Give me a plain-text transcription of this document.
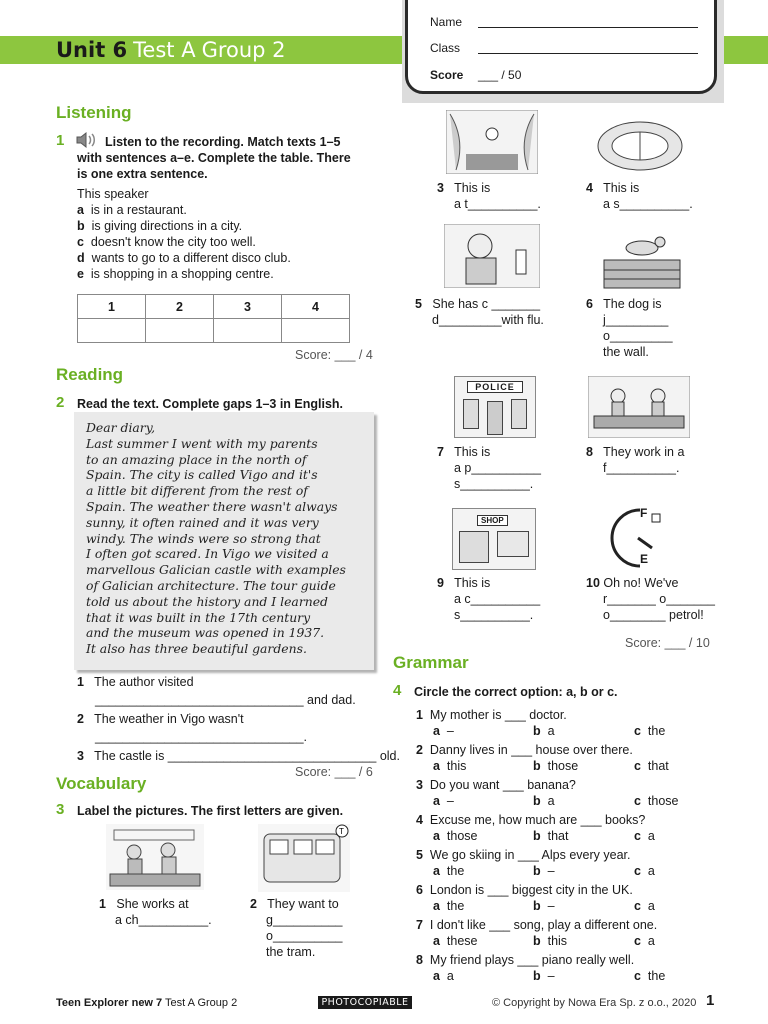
Unit 6 Test A Group 2
Name
Class
Score ___ / 50
Listening
1	Listen to the recording. Match texts 1–5
with sentences a–e. Complete the table. There
is one extra sentence.
This speaker
a is in a restaurant.
b is giving directions in a city.
c doesn't know the city too well.
d wants to go to a different disco club.
e is shopping in a shopping centre.
1	2	3	4

Score: ___ / 4
Reading
2 Read the text. Complete gaps 1–3 in English.
Dear diary,
Last summer I went with my parents
to an amazing place in the north of
Spain. The city is called Vigo and it's
a little bit different from the rest of
Spain. The weather there wasn't always
sunny, it often rained and it was very
windy. The winds were so strong that
I often got scared. In Vigo we visited a
marvellous Galician castle with examples
of Galician architecture. The tour guide
told us about the history and I learned
that it was built in the 17th century
and the museum was opened in 1937.
It also has three beautiful gardens.
1 The author visited
______________________________ and dad.
2 The weather in Vigo wasn't
______________________________.
3 The castle is ______________________________ old.
Score: ___ / 6
Vocabulary
3 Label the pictures. The first letters are given.
1 She works at
a ch__________.
T
2 They want to
g__________
o__________
the tram.
3 This is
a t__________.
4 This is
a s__________.
5 She has c _______
d_________with flu.
6 The dog is
j_________
o_________
the wall.
POLICE
7 This is
a p__________
s__________.
8 They work in a
f__________.
SHOP
9 This is
a c__________
s__________.
F
E
10 Oh no! We've
r_______ o_______
o________ petrol!
Score: ___ / 10
Grammar
4 Circle the correct option: a, b or c.
1 My mother is ___ doctor.
a –	b a	c the
2 Danny lives in ___ house over there.
a this	b those	c that
3 Do you want ___ banana?
a –	b a	c those
4 Excuse me, how much are ___ books?
a those	b that	c a
5 We go skiing in ___ Alps every year.
a the	b –	c a
6 London is ___ biggest city in the UK.
a the	b –	c a
7 I don't like ___ song, play a different one.
a these	b this	c a
8 My friend plays ___ piano really well.
a a	b –	c the
Teen Explorer new 7 Test A Group 2	PHOTOCOPIABLE	© Copyright by Nowa Era Sp. z o.o., 2020 1
